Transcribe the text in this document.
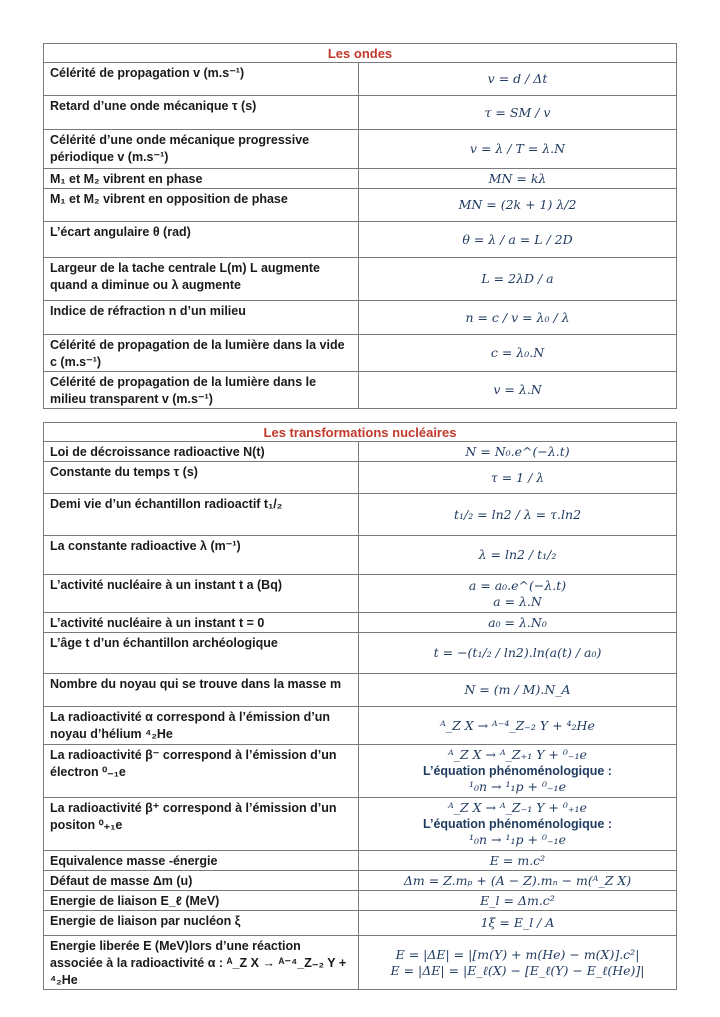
Les ondes	
Célérité de propagation v (m.s⁻¹)	v = d / Δt
Retard d’une onde mécanique τ (s)	τ = SM / v
Célérité d’une onde mécanique progressive périodique v (m.s⁻¹)	v = λ / T = λ.N
M₁ et M₂ vibrent en phase	MN = kλ
M₁ et M₂ vibrent en opposition de phase	MN = (2k + 1) λ/2
L’écart angulaire θ (rad)	θ = λ / a = L / 2D
Largeur de la tache centrale L(m) L augmente quand a diminue ou λ augmente	L = 2λD / a
Indice de réfraction n d’un milieu	n = c / v = λ₀ / λ
Célérité de propagation de la lumière dans la vide c (m.s⁻¹)	c = λ₀.N
Célérité de propagation de la lumière dans le milieu transparent v (m.s⁻¹)	v = λ.N
Les transformations nucléaires	
Loi de décroissance radioactive N(t)	N = N₀.e^(−λ.t)
Constante du temps τ (s)	τ = 1 / λ
Demi vie d’un échantillon radioactif t₁/₂	t₁/₂ = ln2 / λ = τ.ln2
La constante radioactive λ (m⁻¹)	λ = ln2 / t₁/₂
L’activité nucléaire à un instant t a (Bq)	a = a₀.e^(−λ.t)
a = λ.N

L’activité nucléaire à un instant t = 0	a₀ = λ.N₀
L’âge t d’un échantillon archéologique	t = −(t₁/₂ / ln2).ln(a(t) / a₀)
Nombre du noyau qui se trouve dans la masse m	N = (m / M).N_A
La radioactivité α correspond à l’émission d’un noyau d’hélium ⁴₂He	ᴬ_Z X → ᴬ⁻⁴_Z₋₂ Y + ⁴₂He
La radioactivité β⁻ correspond à l’émission d’un électron ⁰₋₁e	ᴬ_Z X → ᴬ_Z₊₁ Y + ⁰₋₁e
L’équation phénoménologique :
¹₀n → ¹₁p + ⁰₋₁e

La radioactivité β⁺ correspond à l’émission d’un positon ⁰₊₁e	ᴬ_Z X → ᴬ_Z₋₁ Y + ⁰₊₁e
L’équation phénoménologique :
¹₀n → ¹₁p + ⁰₋₁e

Equivalence masse -énergie	E = m.c²
Défaut de masse Δm (u)	Δm = Z.mₚ + (A − Z).mₙ − m(ᴬ_Z X)
Energie de liaison E_ℓ (MeV)	E_l = Δm.c²
Energie de liaison par nucléon ξ	1ξ = E_l / A
Energie liberée E (MeV)lors d’une réaction associée à la radioactivité α : ᴬ_Z X → ᴬ⁻⁴_Z₋₂ Y + ⁴₂He	E = |ΔE| = |[m(Y) + m(He) − m(X)].c²|
E = |ΔE| = |E_ℓ(X) − [E_ℓ(Y) − E_ℓ(He)]|
